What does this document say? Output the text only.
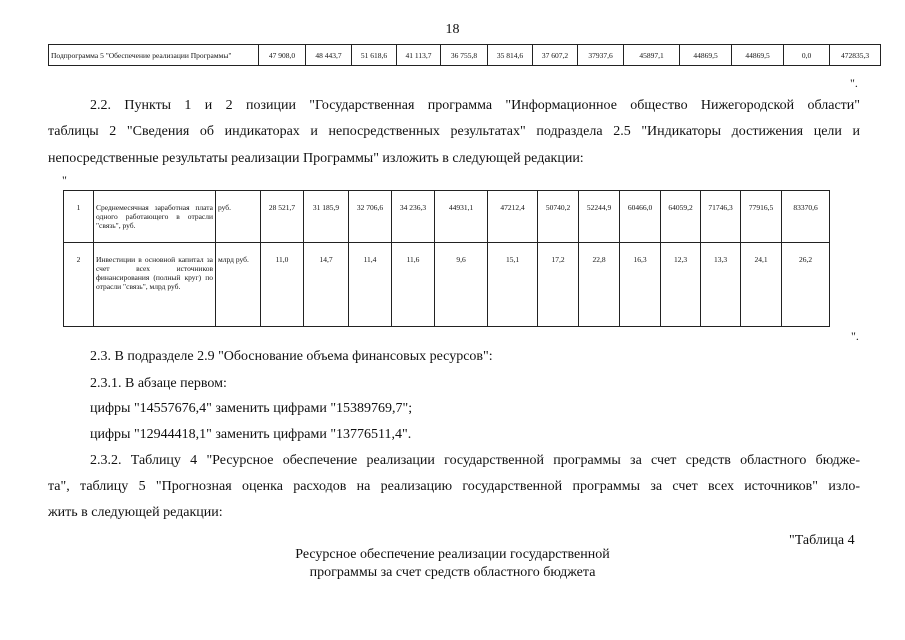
18
Подпрограмма 5 "Обеспечение реализации Программы"	47 908,0	48 443,7	51 618,6	41 113,7	36 755,8	35 814,6	37 607,2	37937,6	45897,1	44869,5	44869,5	0,0	472835,3
".
2.2. Пункты 1 и 2 позиции "Государственная программа "Информационное общество Нижегородской области"
таблицы 2 "Сведения об индикаторах и непосредственных результатах" подраздела 2.5 "Индикаторы достижения цели и
непосредственные результаты реализации Программы" изложить в следующей редакции:
"
1	Среднемесячная заработная плата одного работающего в отрасли "связь", руб.	руб.	28 521,7	31 185,9	32 706,6	34 236,3	44931,1	47212,4	50740,2	52244,9	60466,0	64059,2	71746,3	77916,5	83370,6
2	Инвестиции в основной капитал за счет всех источников финансирования (полный круг) по отрасли "связь", млрд руб.	млрд руб.	11,0	14,7	11,4	11,6	9,6	15,1	17,2	22,8	16,3	12,3	13,3	24,1	26,2
".
2.3. В подразделе 2.9 "Обоснование объема финансовых ресурсов":
2.3.1. В абзаце первом:
цифры "14557676,4" заменить цифрами "15389769,7";
цифры "12944418,1" заменить цифрами "13776511,4".
2.3.2. Таблицу 4 "Ресурсное обеспечение реализации государственной программы за счет средств областного бюдже-
та", таблицу 5 "Прогнозная оценка расходов на реализацию государственной программы за счет всех источников" изло-
жить в следующей редакции:
"Таблица 4
Ресурсное обеспечение реализации государственной
программы за счет средств областного бюджета
